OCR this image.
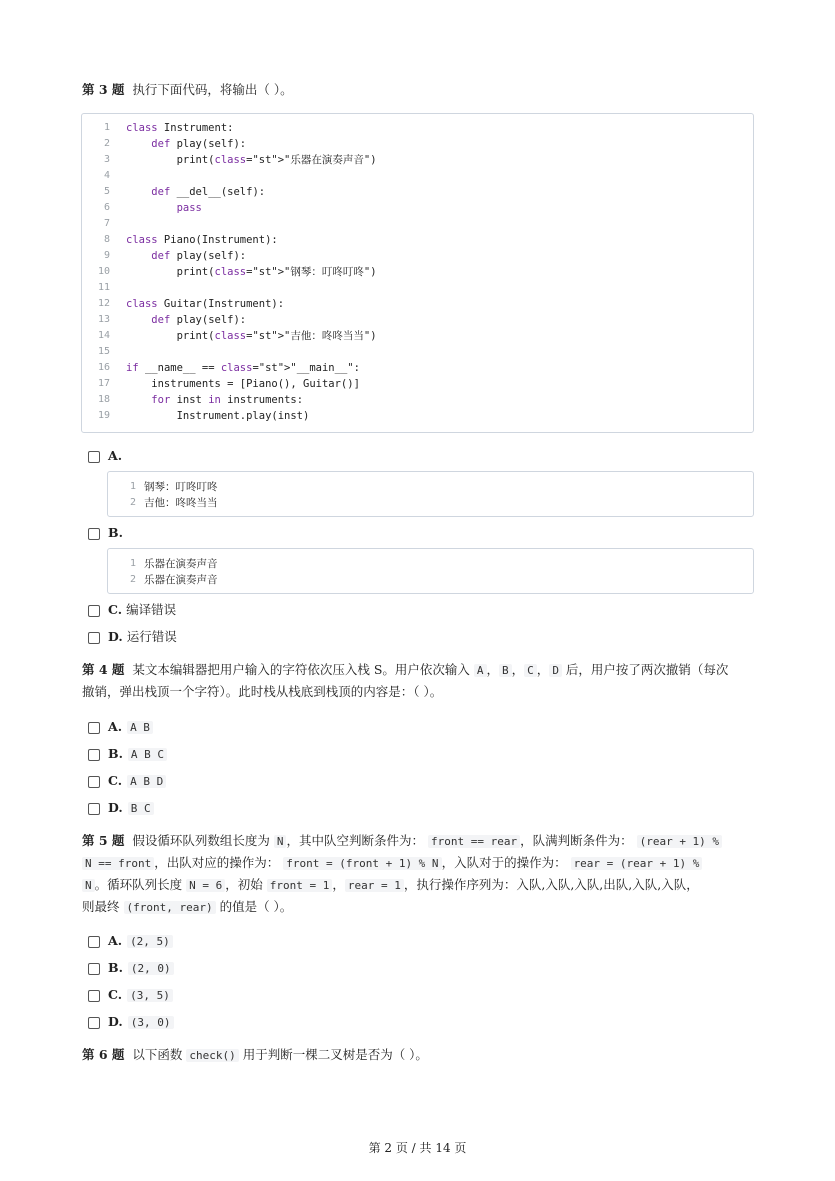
第 3 题 执行下面代码，将输出（ ）。
1 class Instrument:
2	def play(self):
3 print(class="st">"乐器在演奏声音")
4
5	def __del__(self):
6	pass
7
8 class Piano(Instrument):
9	def play(self):
10 print(class="st">"钢琴：叮咚叮咚")
11
12 class Guitar(Instrument):
13	def play(self):
14 print(class="st">"吉他：咚咚当当")
15
16 if __name__ == class="st">"__main__":
17 instruments = [Piano(), Guitar()]
18	for inst in instruments:
19 Instrument.play(inst)
A.
1 钢琴：叮咚叮咚
2 吉他：咚咚当当
B.
1 乐器在演奏声音
2 乐器在演奏声音
C. 编译错误
D. 运行错误
第 4 题 某文本编辑器把用户输入的字符依次压入栈 S。用户依次输入 A ， B ， C ， D 后，用户按了两次撤销（每次
撤销，弹出栈顶一个字符）。此时栈从栈底到栈顶的内容是：（ ）。
A. A B
B. A B C
C. A B D
D. B C
第 5 题 假设循环队列数组长度为 N ，其中队空判断条件为： front == rear ，队满判断条件为： (rear + 1) %
N == front ，出队对应的操作为： front = (front + 1) % N ，入队对于的操作为： rear = (rear + 1) %
N 。循环队列长度 N = 6 ，初始 front = 1 ， rear = 1 ，执行操作序列为：入队,入队,入队,出队,入队,入队，
则最终 (front, rear) 的值是（ ）。
A. (2, 5)
B. (2, 0)
C. (3, 5)
D. (3, 0)
第 6 题 以下函数 check() 用于判断一棵二叉树是否为（ ）。
第 2 页 / 共 14 页
